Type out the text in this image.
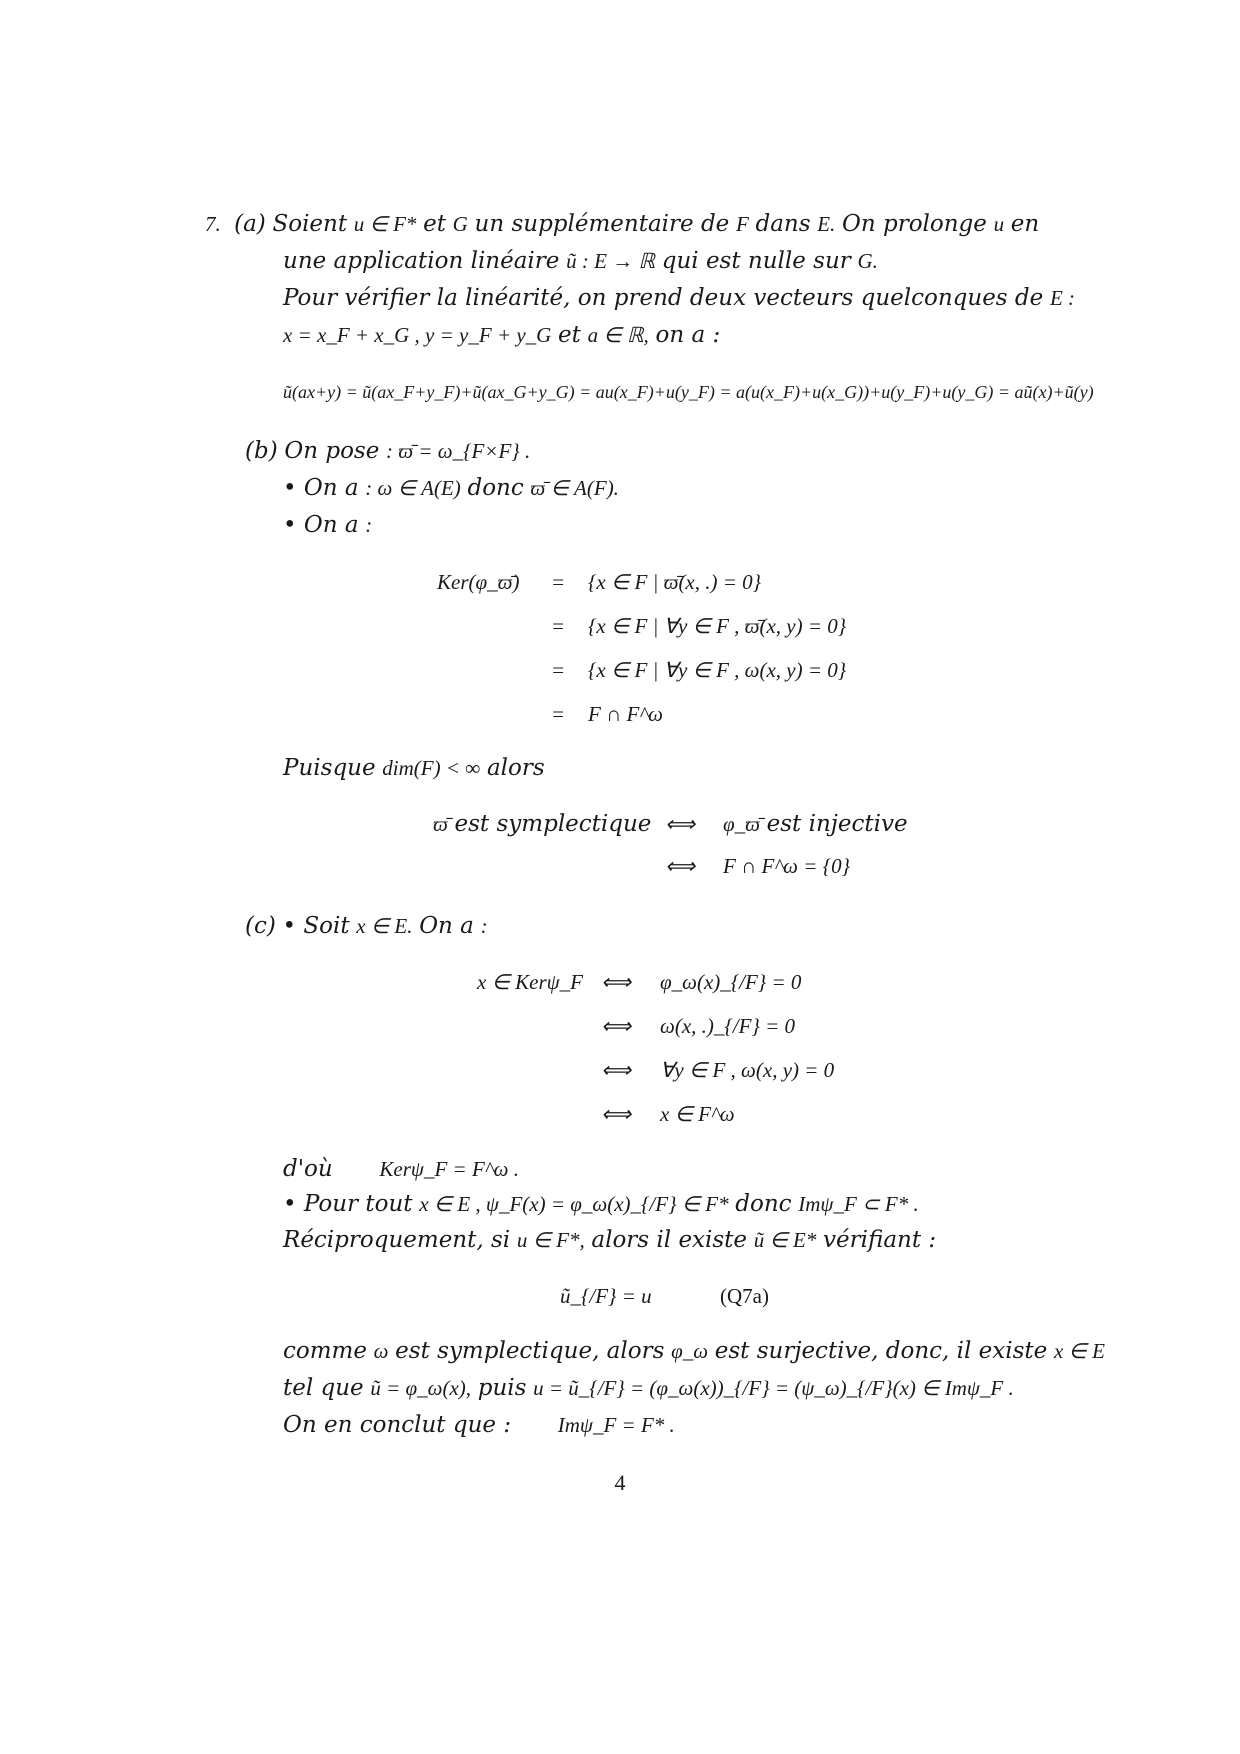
7. (a) Soient u ∈ F* et G un supplémentaire de F dans E. On prolonge u en
une application linéaire ũ : E → ℝ qui est nulle sur G.
Pour vérifier la linéarité, on prend deux vecteurs quelconques de E :
x = x_F + x_G , y = y_F + y_G et a ∈ ℝ, on a :
ũ(ax+y) = ũ(ax_F+y_F)+ũ(ax_G+y_G) = au(x_F)+u(y_F) = a(u(x_F)+u(x_G))+u(y_F)+u(y_G) = aũ(x)+ũ(y)
(b) On pose : ϖ̄ = ω_{F×F} .
• On a : ω ∈ A(E) donc ϖ̄ ∈ A(F).
• On a :
Ker(φ_ϖ̄)	=	{x ∈ F | ϖ̄(x, .) = 0}
=	{x ∈ F | ∀y ∈ F , ϖ̄(x, y) = 0}
=	{x ∈ F | ∀y ∈ F , ω(x, y) = 0}
=	F ∩ F^ω
Puisque dim(F) < ∞ alors
ϖ̄ est symplectique ⟺ φ_ϖ̄ est injective
⟺ F ∩ F^ω = {0}
(c) • Soit x ∈ E. On a :
x ∈ Kerψ_F ⟺ φ_ω(x)_{/F} = 0
⟺ ω(x, .)_{/F} = 0
⟺ ∀y ∈ F , ω(x, y) = 0
⟺ x ∈ F^ω
d'où Kerψ_F = F^ω .
• Pour tout x ∈ E , ψ_F(x) = φ_ω(x)_{/F} ∈ F* donc Imψ_F ⊂ F* .
Réciproquement, si u ∈ F*, alors il existe ũ ∈ E* vérifiant :
ũ_{/F} = u	(Q7a)
comme ω est symplectique, alors φ_ω est surjective, donc, il existe x ∈ E
tel que ũ = φ_ω(x), puis u = ũ_{/F} = (φ_ω(x))_{/F} = (ψ_ω)_{/F}(x) ∈ Imψ_F .
On en conclut que : Imψ_F = F* .
4
